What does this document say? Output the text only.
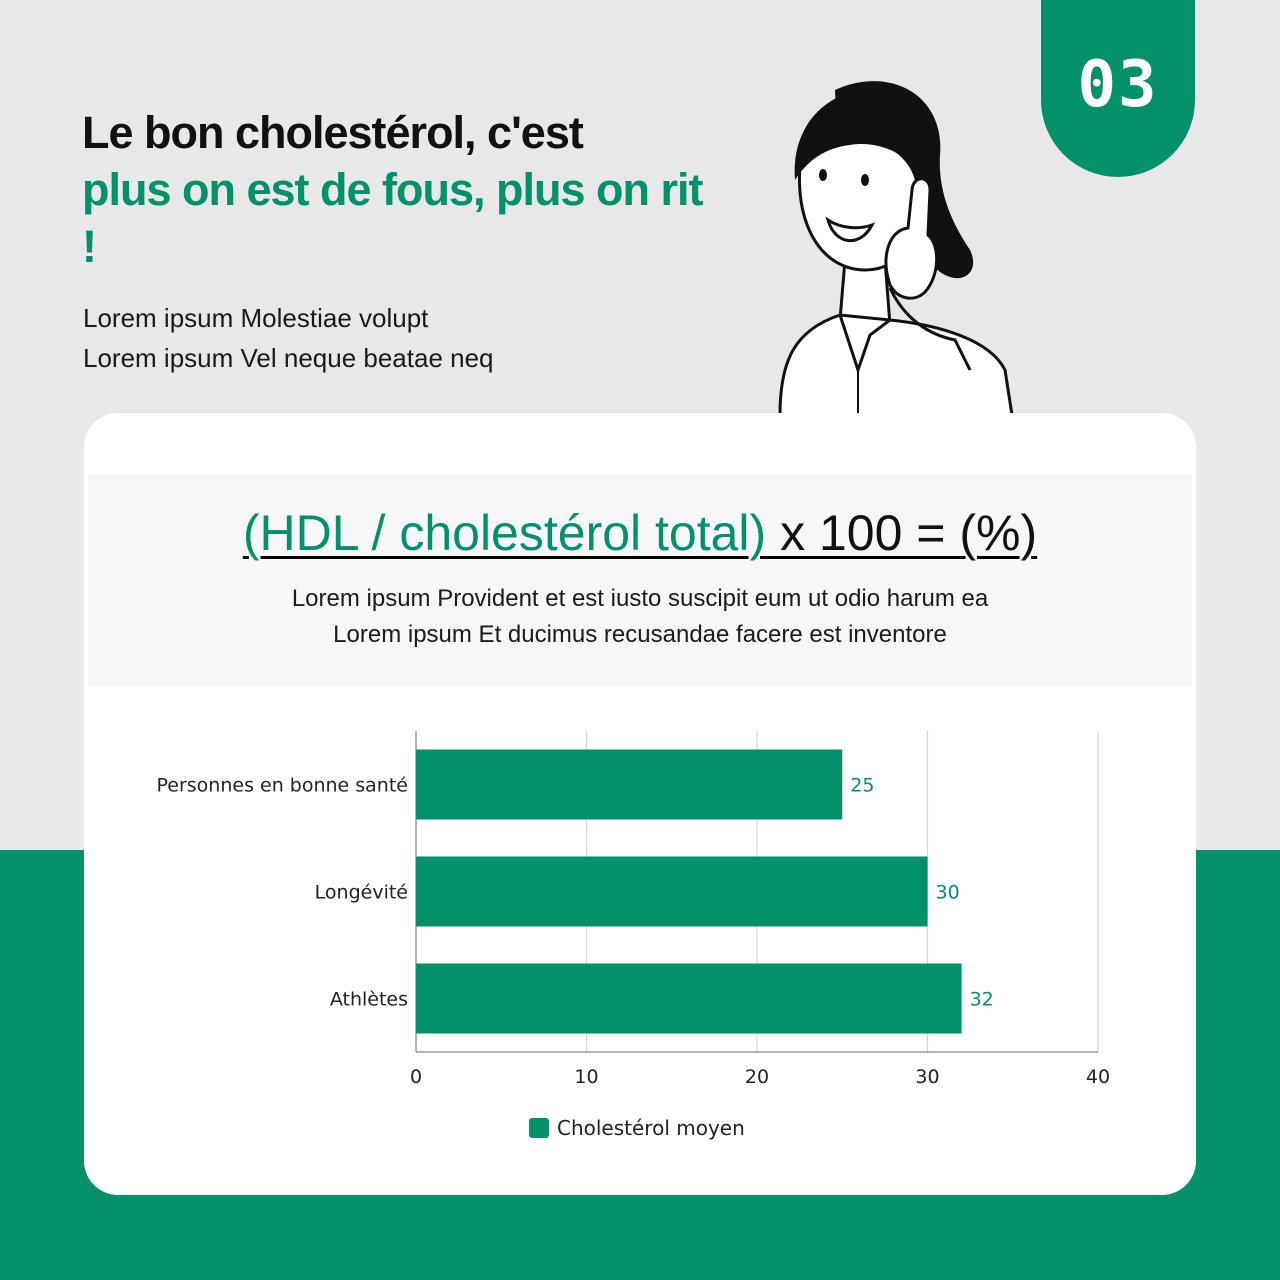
03
Le bon cholestérol, c'est
plus on est de fous, plus on rit !

Lorem ipsum Molestiae volupt
Lorem ipsum Vel neque beatae neq

(HDL / cholestérol total) x 100 = (%)
Lorem ipsum Provident et est iusto suscipit eum ut odio harum ea
Lorem ipsum Et ducimus recusandae facere est inventore
0	10	20	30	40
Personnes en bonne santé	25
Longévité	30
Athlètes	32
Cholestérol moyen
